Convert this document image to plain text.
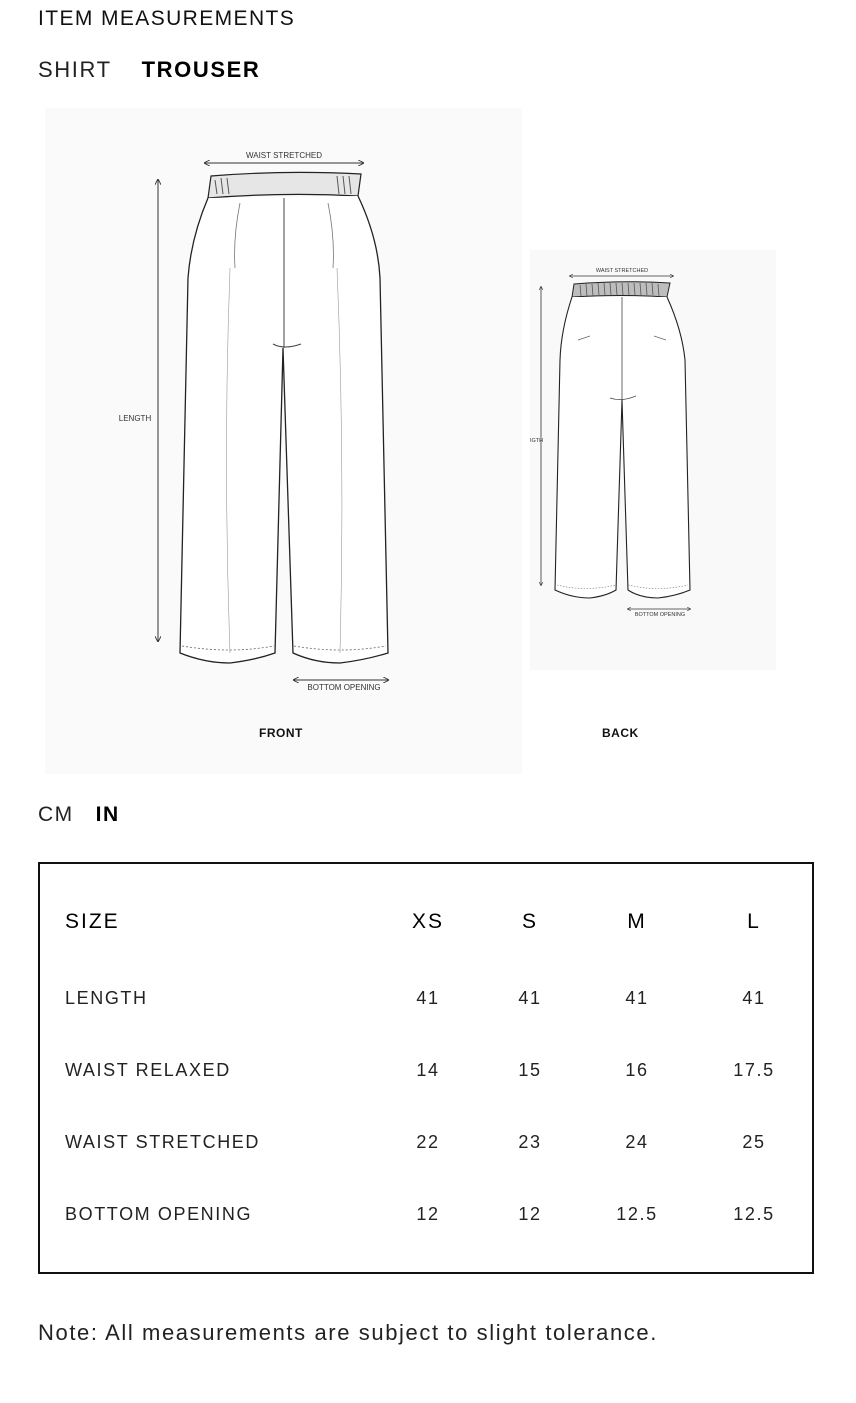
ITEM MEASUREMENTS
SHIRT TROUSER
WAIST STRETCHED
LENGTH
BOTTOM OPENING
FRONT
WAIST STRETCHED
IGTH
BOTTOM OPENING
BACK
CM IN
SIZE	XS	S	M	L
LENGTH	41	41	41	41
WAIST RELAXED	14	15	16	17.5
WAIST STRETCHED	22	23	24	25
BOTTOM OPENING	12	12	12.5	12.5
Note: All measurements are subject to slight tolerance.
